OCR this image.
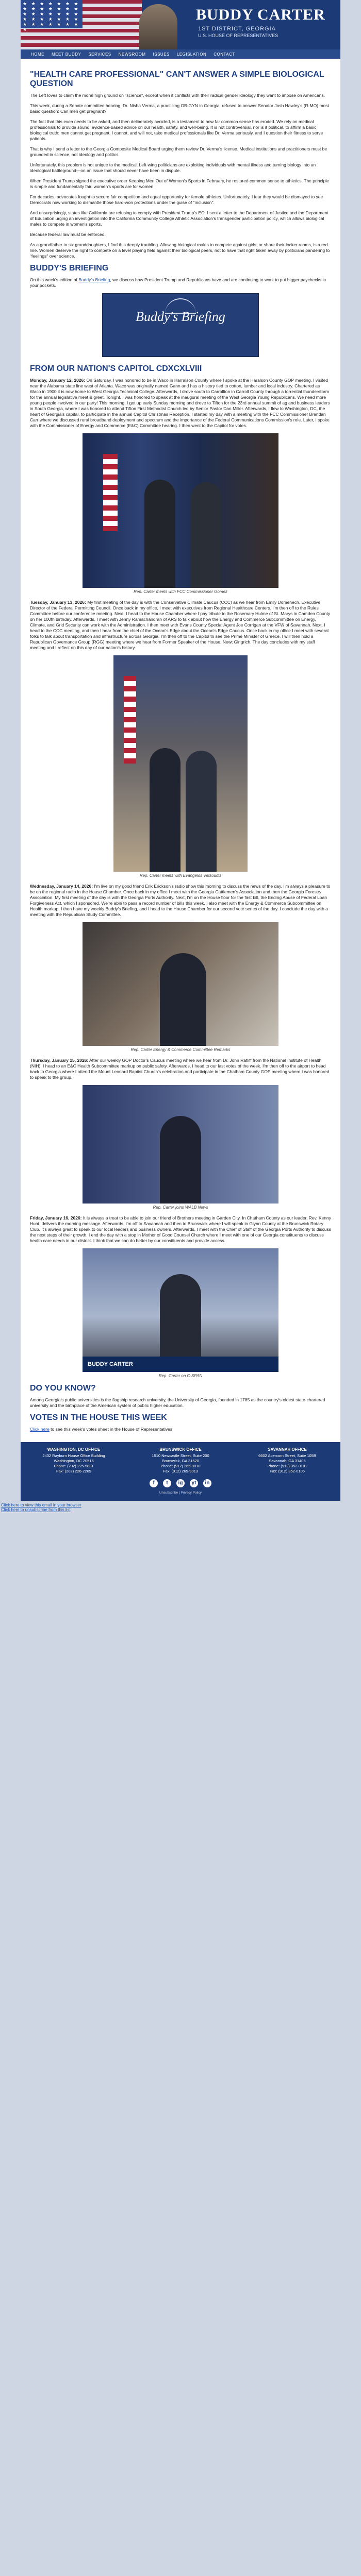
★ ★ ★ ★ ★ ★ ★ ★ ★ ★ ★ ★ ★ ★ ★ ★ ★ ★ ★ ★ ★ ★ ★ ★ ★ ★ ★ ★ ★ ★ ★ ★ ★ ★ ★ ★
BUDDY CARTER
1ST DISTRICT, GEORGIA
U.S. HOUSE OF REPRESENTATIVES
HOME MEET BUDDY SERVICES NEWSROOM ISSUES LEGISLATION CONTACT
"HEALTH CARE PROFESSIONAL" CAN'T ANSWER A SIMPLE BIOLOGICAL QUESTION

The Left loves to claim the moral high ground on "science", except when it conflicts with their radical gender ideology they want to impose on Americans.

This week, during a Senate committee hearing, Dr. Nisha Verma, a practicing OB-GYN in Georgia, refused to answer Senator Josh Hawley's (R-MO) most basic question: Can men get pregnant?

The fact that this even needs to be asked, and then deliberately avoided, is a testament to how far common sense has eroded. We rely on medical professionals to provide sound, evidence-based advice on our health, safety, and well-being. It is not controversial, nor is it political, to affirm a basic biological truth: men cannot get pregnant. I cannot, and will not, take medical professionals like Dr. Verma seriously, and I question their fitness to serve patients.

That is why I send a letter to the Georgia Composite Medical Board urging them review Dr. Verma's license. Medical institutions and practitioners must be grounded in science, not ideology and politics.

Unfortunately, this problem is not unique to the medical. Left-wing politicians are exploiting individuals with mental illness and turning biology into an ideological battleground—on an issue that should never have been in dispute.

When President Trump signed the executive order Keeping Men Out of Women's Sports in February, he restored common sense to athletics. The principle is simple and fundamentally fair: women's sports are for women.

For decades, advocates fought to secure fair competition and equal opportunity for female athletes. Unfortunately, I fear they would be dismayed to see Democrats now working to dismantle those hard-won protections under the guise of "inclusion".

And unsurprisingly, states like California are refusing to comply with President Trump's EO. I sent a letter to the Department of Justice and the Department of Education urging an investigation into the California Community College Athletic Association's transgender participation policy, which allows biological males to compete in women's sports.

Because federal law must be enforced.

As a grandfather to six granddaughters, I find this deeply troubling. Allowing biological males to compete against girls, or share their locker rooms, is a red line. Women deserve the right to compete on a level playing field against their biological peers, not to have that right taken away by politicians pandering to "feelings" over science.

BUDDY'S BRIEFING

On this week's edition of Buddy's Briefing, we discuss how President Trump and Republicans have and are continuing to work to put bigger paychecks in your pockets.

Buddy's Briefing
FROM OUR NATION'S CAPITOL CDXCXLVIII

Monday, January 12, 2026: On Saturday, I was honored to be in Waco in Harralson County where I spoke at the Haralson County GOP meeting. I visited near the Alabama state line west of Atlanta. Waco was originally named Gann and has a history tied to cotton, lumber and local industry. Chartered as Waco in 1900 it is now home to West Georgia Technical College. Afterwards, I drove south to Carrollton in Carroll County through a torrential thunderstorm for the annual legislative meet & greet. Tonight, I was honored to speak at the inaugural meeting of the West Georgia Young Republicans. We need more young people involved in our party! This morning, I got up early Sunday morning and drove to Tifton for the 23rd annual summit of ag and business leaders in South Georgia, where I was honored to attend Tifton First Methodist Church led by Senior Pastor Dan Miller. Afterwards, I flew to Washington, DC, the heart of Georgia's capital, to participate in the annual Capitol Christmas Reception. I started my day with a meeting with the FCC Commissioner Brendan Carr where we discussed rural broadband deployment and spectrum and the importance of the Federal Communications Commission's role. Later, I spoke with the Commissioner of Energy and Commerce (E&C) Committee hearing. I then went to the Capitol for votes.

Rep. Carter meets with FCC Commissioner Gomez

Tuesday, January 13, 2026: My first meeting of the day is with the Conservative Climate Caucus (CCC) as we hear from Emily Domenech, Executive Director of the Federal Permitting Council. Once back in my office, I meet with executives from Regional Healthcare Centers. I'm then off to the Rules Committee before our conference meeting. Next, I head to the House Chamber where I pay tribute to the Rosemary Hulme of St. Marys in Camden County on her 100th birthday. Afterwards, I meet with Jenny Ramachandran of ARS to talk about how the Energy and Commerce Subcommittee on Energy, Climate, and Grid Security can work with the Administration. I then meet with Evans County Special Agent Joe Corrigan at the VFW of Savannah. Next, I head to the CCC meeting, and then I hear from the chief of the Ocean's Edge about the Ocean's Edge Caucus. Once back in my office I meet with several folks to talk about transportation and infrastructure across Georgia. I'm then off to the Capitol to see the Prime Minister of Greece. I will then hold a Republican Governance Group (RGG) meeting where we hear from Former Speaker of the House, Newt Gingrich. The day concludes with my staff meeting and I reflect on this day of our nation's history.

Rep. Carter meets with Evangelos Vetsoudis

Wednesday, January 14, 2026: I'm live on my good friend Erik Erickson's radio show this morning to discuss the news of the day. I'm always a pleasure to be on the regional radio in the House Chamber. Once back in my office I meet with the Georgia Cattlemen's Association and then the Georgia Forestry Association. My first meeting of the day is with the Georgia Ports Authority. Next, I'm on the House floor for the first bill, the Ending Abuse of Federal Loan Forgiveness Act, which I sponsored. We're able to pass a record number of bills this week. I also meet with the Energy & Commerce Subcommittee on Health markup. I then have my weekly Buddy's Briefing, and I head to the House Chamber for our second vote series of the day. I conclude the day with a meeting with the Republican Study Committee.

Rep. Carter Energy & Commerce Committee Remarks

Thursday, January 15, 2026: After our weekly GOP Doctor's Caucus meeting where we hear from Dr. John Ratliff from the National Institute of Health (NIH), I head to an E&C Health Subcommittee markup on public safety. Afterwards, I head to our last votes of the week. I'm then off to the airport to head back to Georgia where I attend the Mount Leonard Baptist Church's celebration and participate in the Chatham County GOP meeting where I was honored to speak to the group.

Rep. Carter joins WALB News

Friday, January 16, 2026: It is always a treat to be able to join our friend of Brothers meeting in Garden City. In Chatham County as our leader, Rev. Kenny Hunt, delivers the morning message. Afterwards, I'm off to Savannah and then to Brunswick where I will speak in Glynn County at the Brunswick Rotary Club. It's always great to speak to our local leaders and business owners. Afterwards, I meet with the Chief of Staff of the Georgia Ports Authority to discuss the next steps of their growth. I end the day with a stop in Mother of Good Counsel Church where I meet with one of our Georgia constituents to discuss health care needs in our district. I think that we can do better by our constituents and provide access.

BUDDY CARTER
Rep. Carter on C-SPAN
DO YOU KNOW?

Among Georgia's public universities is the flagship research university, the University of Georgia, founded in 1785 as the country's oldest state-chartered university and the birthplace of the American system of public higher education.

VOTES IN THE HOUSE THIS WEEK

Click here to see this week's votes sheet in the House of Representatives

WASHINGTON, DC OFFICE
2432 Rayburn House Office Building
Washington, DC 20515
Phone: (202) 225-5831
Fax: (202) 226-2269
BRUNSWICK OFFICE
1510 Newcastle Street, Suite 200
Brunswick, GA 31520
Phone: (912) 265-9010
Fax: (912) 265-9013
SAVANNAH OFFICE
6602 Abercorn Street, Suite 105B
Savannah, GA 31405
Phone: (912) 352-0101
Fax: (912) 352-0105
f	t	ig	yt	in
Unsubscribe | Privacy Policy
Click here to view this email in your browser
Click here to unsubscribe from this list
